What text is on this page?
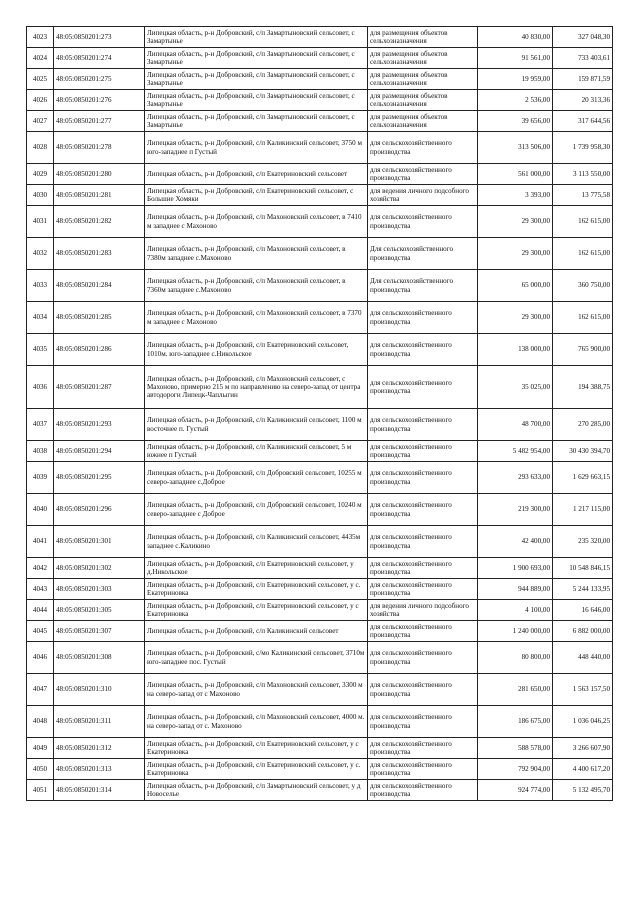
4023	48:05:0850201:273	Липецкая область, р-н Добровский, с/п Замартыновский сельсовет, с Замартынье	для размещения объектов сельхозназначения	40 830,00	327 048,30
4024	48:05:0850201:274	Липецкая область, р-н Добровский, с/п Замартыновский сельсовет, с Замартынье	для размещения объектов сельхозназначения	91 561,00	733 403,61
4025	48:05:0850201:275	Липецкая область, р-н Добровский, с/п Замартыновский сельсовет, с Замартынье	для размещения объектов сельхозназначения	19 959,00	159 871,59
4026	48:05:0850201:276	Липецкая область, р-н Добровский, с/п Замартыновский сельсовет, с Замартынье	для размещения объектов сельхозназначения	2 536,00	20 313,36
4027	48:05:0850201:277	Липецкая область, р-н Добровский, с/п Замартыновский сельсовет, с Замартынье	для размещения объектов сельхозназначения	39 656,00	317 644,56
4028	48:05:0850201:278	Липецкая область, р-н Добровский, с/п Каликинский сельсовет, 3750 м юго-западнее п Густый	для сельскохозяйственного производства	313 506,00	1 739 958,30
4029	48:05:0850201:280	Липецкая область, р-н Добровский, с/п Екатериновский сельсовет	для сельскохозяйственного производства	561 000,00	3 113 550,00
4030	48:05:0850201:281	Липецкая область, р-н Добровский, с/п Екатериновский сельсовет, с Большие Хомяки	для ведения личного подсобного хозяйства	3 393,00	13 775,58
4031	48:05:0850201:282	Липецкая область, р-н Добровский, с/п Махоновский сельсовет, в 7410 м западнее с Махоново	для сельскохозяйственного производства	29 300,00	162 615,00
4032	48:05:0850201:283	Липецкая область, р-н Добровский, с/п Махоновский сельсовет, в 7380м западнее с.Махоново	Для сельскохозяйственного производства	29 300,00	162 615,00
4033	48:05:0850201:284	Липецкая область, р-н Добровский, с/п Махоновский сельсовет, в 7360м западнее с.Махоново	Для сельскохозяйственного производства	65 000,00	360 750,00
4034	48:05:0850201:285	Липецкая область, р-н Добровский, с/п Махоновский сельсовет, в 7370 м западнее с Махоново	для сельскохозяйственного производства	29 300,00	162 615,00
4035	48:05:0850201:286	Липецкая область, р-н Добровский, с/п Екатериновский сельсовет, 1010м. юго-западнее с.Никольское	для сельскохозяйственного производства	138 000,00	765 900,00
4036	48:05:0850201:287	Липецкая область, р-н Добровский, с/п Махоновский сельсовет, с Махоново, примерно 215 м по направлению на северо-запад от центра автодороги Липецк-Чаплыгин	для сельскохозяйственного производства	35 025,00	194 388,75
4037	48:05:0850201:293	Липецкая область, р-н Добровский, с/п Каликинский сельсовет, 1100 м восточнее п. Густый	для сельскохозяйственного производства	48 700,00	270 285,00
4038	48:05:0850201:294	Липецкая область, р-н Добровский, с/п Каликинский сельсовет, 5 м южнее п Густый	для сельскохозяйственного производства	5 482 954,00	30 430 394,70
4039	48:05:0850201:295	Липецкая область, р-н Добровский, с/п Добровский сельсовет, 10255 м северо-западнее с.Доброе	для сельскохозяйственного производства	293 633,00	1 629 663,15
4040	48:05:0850201:296	Липецкая область, р-н Добровский, с/п Добровский сельсовет, 10240 м северо-западнее с Доброе	для сельскохозяйственного производства	219 300,00	1 217 115,00
4041	48:05:0850201:301	Липецкая область, р-н Добровский, с/п Каликинский сельсовет, 4435м западнее с.Каликино	для сельскохозяйственного производства	42 400,00	235 320,00
4042	48:05:0850201:302	Липецкая область, р-н Добровский, с/п Екатериновский сельсовет, у д.Никольское	для сельскохозяйственного производства	1 900 693,00	10 548 846,15
4043	48:05:0850201:303	Липецкая область, р-н Добровский, с/п Екатериновский сельсовет, у с. Екатериновка	для сельскохозяйственного производства	944 889,00	5 244 133,95
4044	48:05:0850201:305	Липецкая область, р-н Добровский, с/п Екатериновский сельсовет, у с Екатериновка	для ведения личного подсобного хозяйства	4 100,00	16 646,00
4045	48:05:0850201:307	Липецкая область, р-н Добровский, с/п Каликинский сельсовет	для сельскохозяйственного производства	1 240 000,00	6 882 000,00
4046	48:05:0850201:308	Липецкая область, р-н Добровский, с/мо Каликинский сельсовет, 3710м юго-западнее пос. Густый	для сельскохозяйственного производства	80 800,00	448 440,00
4047	48:05:0850201:310	Липецкая область, р-н Добровский, с/п Махоновский сельсовет, 3300 м на северо-запад от с Махоново	для сельскохозяйственного производства	281 650,00	1 563 157,50
4048	48:05:0850201:311	Липецкая область, р-н Добровский, с/п Махоновский сельсовет, 4000 м. на северо-запад от с. Махоново	для сельскохозяйственного производства	186 675,00	1 036 046,25
4049	48:05:0850201:312	Липецкая область, р-н Добровский, с/п Екатериновский сельсовет, у с Екатериновка	для сельскохозяйственного производства	588 578,00	3 266 607,90
4050	48:05:0850201:313	Липецкая область, р-н Добровский, с/п Екатериновский сельсовет, у с. Екатериновка	для сельскохозяйственного производства	792 904,00	4 400 617,20
4051	48:05:0850201:314	Липецкая область, р-н Добровский, с/п Замартыновский сельсовет, у д Новоселье	для сельскохозяйственного производства	924 774,00	5 132 495,70
